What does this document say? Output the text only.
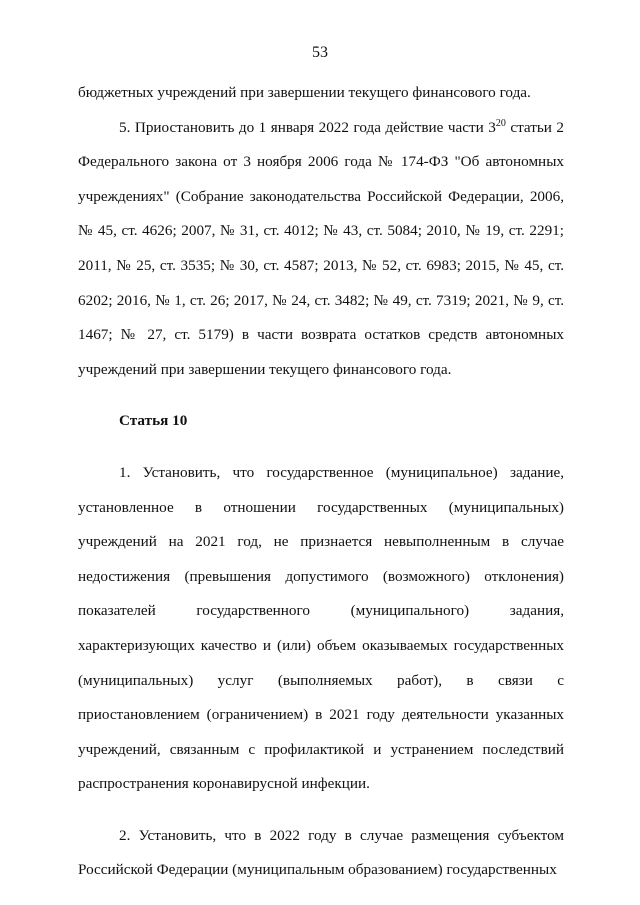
53

бюджетных учреждений при завершении текущего финансового года.

5. Приостановить до 1 января 2022 года действие части $3^{20}$ статьи 2 Федерального закона от 3 ноября 2006 года № 174-ФЗ "Об автономных учреждениях" (Собрание законодательства Российской Федерации, 2006, № 45, ст. 4626; 2007, № 31, ст. 4012; № 43, ст. 5084; 2010, № 19, ст. 2291; 2011, № 25, ст. 3535; № 30, ст. 4587; 2013, № 52, ст. 6983; 2015, № 45, ст. 6202; 2016, № 1, ст. 26; 2017, № 24, ст. 3482; № 49, ст. 7319; 2021, № 9, ст. 1467; № 27, ст. 5179) в части возврата остатков средств автономных учреждений при завершении текущего финансового года.

Статья 10

1. Установить, что государственное (муниципальное) задание, установленное в отношении государственных (муниципальных) учреждений на 2021 год, не признается невыполненным в случае недостижения (превышения допустимого (возможного) отклонения) показателей государственного (муниципального) задания, характеризующих качество и (или) объем оказываемых государственных (муниципальных) услуг (выполняемых работ), в связи с приостановлением (ограничением) в 2021 году деятельности указанных учреждений, связанным с профилактикой и устранением последствий распространения коронавирусной инфекции.

2. Установить, что в 2022 году в случае размещения субъектом Российской Федерации (муниципальным образованием) государственных
